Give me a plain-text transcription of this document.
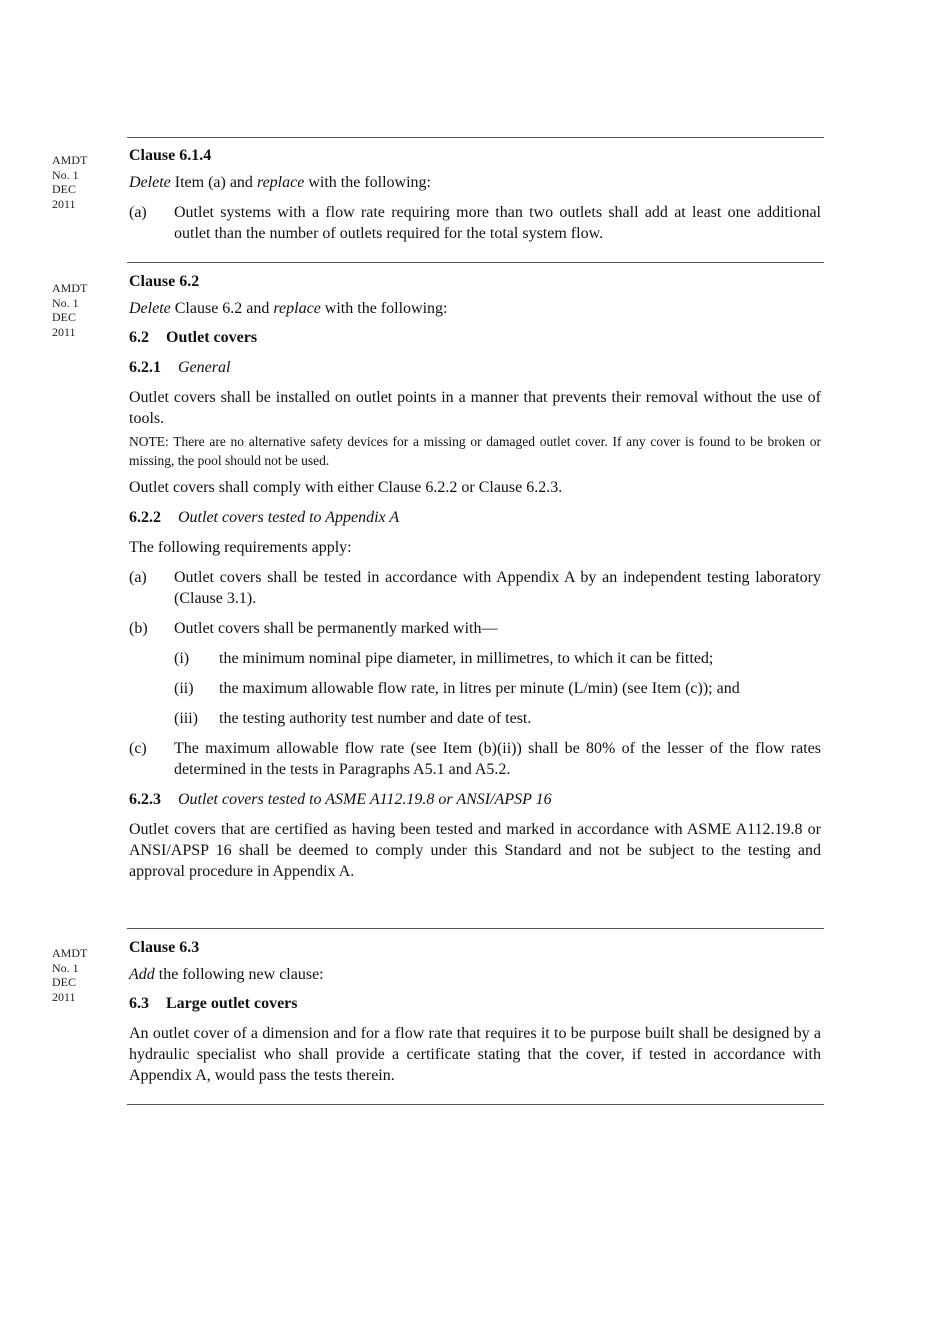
AMDT
No. 1
DEC
2011
AMDT
No. 1
DEC
2011
AMDT
No. 1
DEC
2011

Clause 6.1.4

Delete Item (a) and replace with the following:

(a)	Outlet systems with a flow rate requiring more than two outlets shall add at least one additional outlet than the number of outlets required for the total system flow.

Clause 6.2

Delete Clause 6.2 and replace with the following:

6.2 Outlet covers

6.2.1 General

Outlet covers shall be installed on outlet points in a manner that prevents their removal without the use of tools.

NOTE: There are no alternative safety devices for a missing or damaged outlet cover. If any cover is found to be broken or missing, the pool should not be used.

Outlet covers shall comply with either Clause 6.2.2 or Clause 6.2.3.

6.2.2 Outlet covers tested to Appendix A

The following requirements apply:

(a)	Outlet covers shall be tested in accordance with Appendix A by an independent testing laboratory (Clause 3.1).
(b)	Outlet covers shall be permanently marked with—
(i)	the minimum nominal pipe diameter, in millimetres, to which it can be fitted;
(ii)	the maximum allowable flow rate, in litres per minute (L/min) (see Item (c)); and
(iii)	the testing authority test number and date of test.
(c)	The maximum allowable flow rate (see Item (b)(ii)) shall be 80% of the lesser of the flow rates determined in the tests in Paragraphs A5.1 and A5.2.

6.2.3 Outlet covers tested to ASME A112.19.8 or ANSI/APSP 16

Outlet covers that are certified as having been tested and marked in accordance with ASME A112.19.8 or ANSI/APSP 16 shall be deemed to comply under this Standard and not be subject to the testing and approval procedure in Appendix A.

Clause 6.3

Add the following new clause:

6.3 Large outlet covers

An outlet cover of a dimension and for a flow rate that requires it to be purpose built shall be designed by a hydraulic specialist who shall provide a certificate stating that the cover, if tested in accordance with Appendix A, would pass the tests therein.
